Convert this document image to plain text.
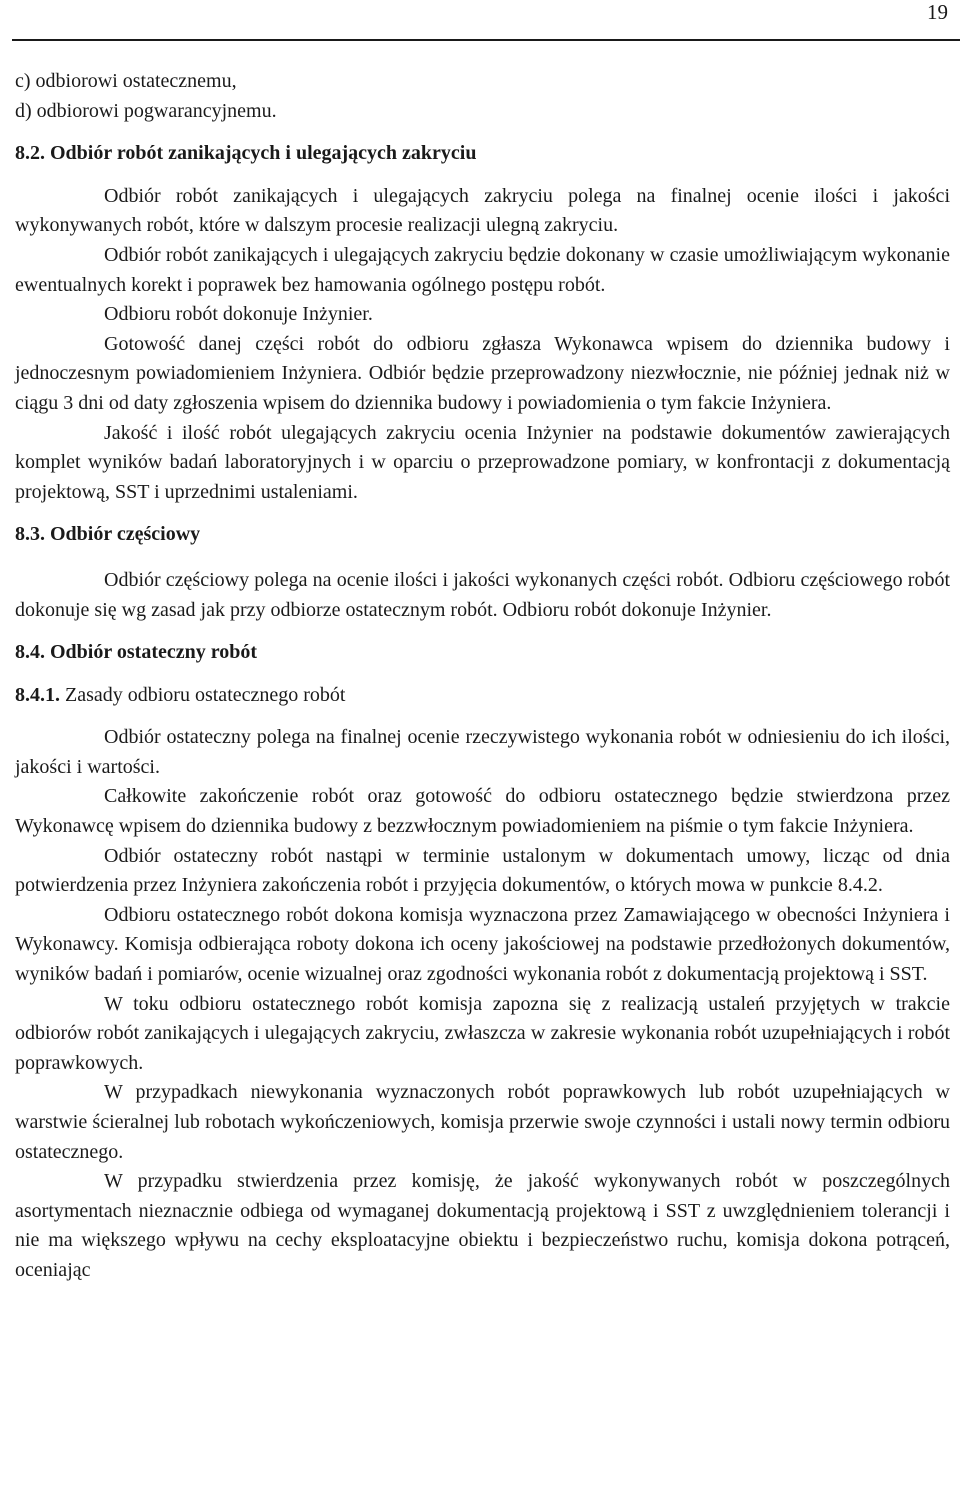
19

c) odbiorowi ostatecznemu,

d) odbiorowi pogwarancyjnemu.

8.2. Odbiór robót zanikających i ulegających zakryciu

Odbiór robót zanikających i ulegających zakryciu polega na finalnej ocenie ilości i jakości wykonywanych robót, które w dalszym procesie realizacji ulegną zakryciu.

Odbiór robót zanikających i ulegających zakryciu będzie dokonany w czasie umożliwiającym wykonanie ewentualnych korekt i poprawek bez hamowania ogólnego postępu robót.

Odbioru robót dokonuje Inżynier.

Gotowość danej części robót do odbioru zgłasza Wykonawca wpisem do dziennika budowy i jednoczesnym powiadomieniem Inżyniera. Odbiór będzie przeprowadzony niezwłocznie, nie później jednak niż w ciągu 3 dni od daty zgłoszenia wpisem do dziennika budowy i powiadomienia o tym fakcie Inżyniera.

Jakość i ilość robót ulegających zakryciu ocenia Inżynier na podstawie dokumentów zawierających komplet wyników badań laboratoryjnych i w oparciu o przeprowadzone pomiary, w konfrontacji z dokumentacją projektową, SST i uprzednimi ustaleniami.

8.3. Odbiór częściowy

Odbiór częściowy polega na ocenie ilości i jakości wykonanych części robót. Odbioru częściowego robót dokonuje się wg zasad jak przy odbiorze ostatecznym robót. Odbioru robót dokonuje Inżynier.

8.4. Odbiór ostateczny robót

8.4.1. Zasady odbioru ostatecznego robót

Odbiór ostateczny polega na finalnej ocenie rzeczywistego wykonania robót w odniesieniu do ich ilości, jakości i wartości.

Całkowite zakończenie robót oraz gotowość do odbioru ostatecznego będzie stwierdzona przez Wykonawcę wpisem do dziennika budowy z bezzwłocznym powiadomieniem na piśmie o tym fakcie Inżyniera.

Odbiór ostateczny robót nastąpi w terminie ustalonym w dokumentach umowy, licząc od dnia potwierdzenia przez Inżyniera zakończenia robót i przyjęcia dokumentów, o których mowa w punkcie 8.4.2.

Odbioru ostatecznego robót dokona komisja wyznaczona przez Zamawiającego w obecności Inżyniera i Wykonawcy. Komisja odbierająca roboty dokona ich oceny jakościowej na podstawie przedłożonych dokumentów, wyników badań i pomiarów, ocenie wizualnej oraz zgodności wykonania robót z dokumentacją projektową i SST.

W toku odbioru ostatecznego robót komisja zapozna się z realizacją ustaleń przyjętych w trakcie odbiorów robót zanikających i ulegających zakryciu, zwłaszcza w zakresie wykonania robót uzupełniających i robót poprawkowych.

W przypadkach niewykonania wyznaczonych robót poprawkowych lub robót uzupełniających w warstwie ścieralnej lub robotach wykończeniowych, komisja przerwie swoje czynności i ustali nowy termin odbioru ostatecznego.

W przypadku stwierdzenia przez komisję, że jakość wykonywanych robót w poszczególnych asortymentach nieznacznie odbiega od wymaganej dokumentacją projektową i SST z uwzględnieniem tolerancji i nie ma większego wpływu na cechy eksploatacyjne obiektu i bezpieczeństwo ruchu, komisja dokona potrąceń, oceniając
